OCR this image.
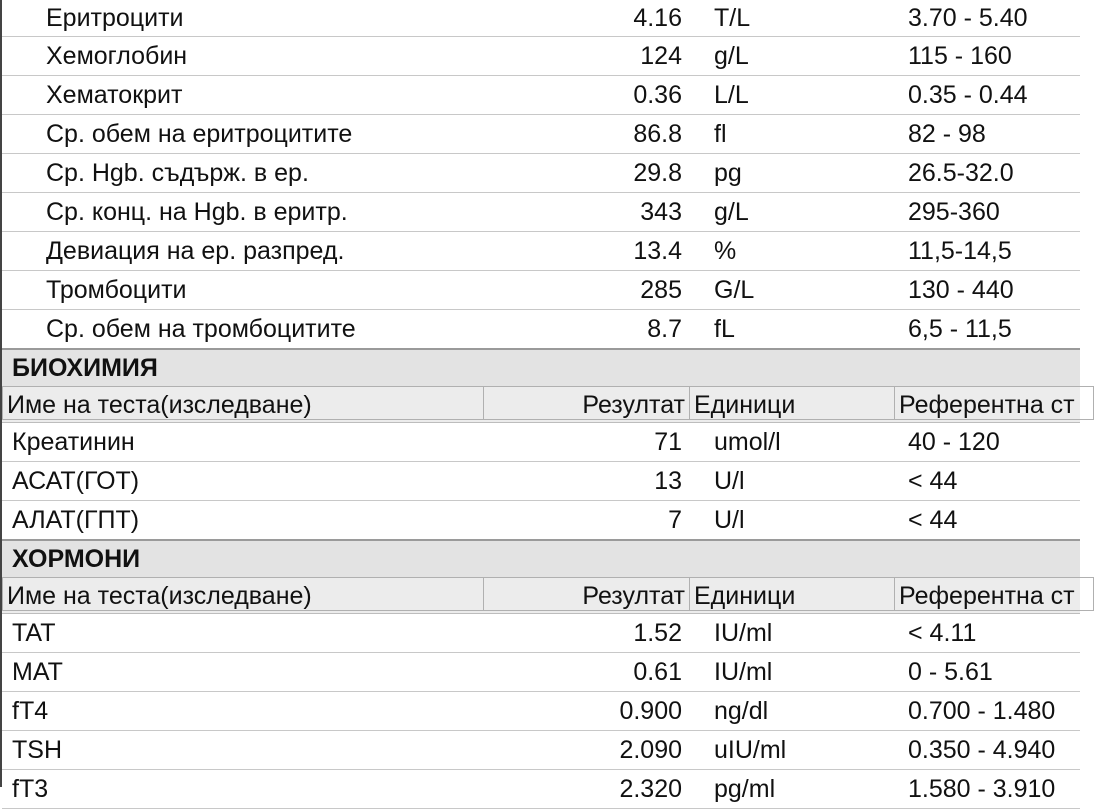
Еритроцити	4.16 T/L	3.70 - 5.40
Хемоглобин	124 g/L	115 - 160
Хематокрит	0.36 L/L	0.35 - 0.44
Ср. обем на еритроцитите	86.8 fl	82 - 98
Ср. Hgb. съдърж. в ер.	29.8 pg	26.5-32.0
Ср. конц. на Hgb. в еритр.	343 g/L	295-360
Девиация на ер. разпред.	13.4 %	11,5-14,5
Тромбоцити	285 G/L	130 - 440
Ср. обем на тромбоцитите	8.7 fL	6,5 - 11,5
БИОХИМИЯ
Име на теста(изследване)	Резултат Единици	Референтна ст
Креатинин	71 umol/l	40 - 120
АСАТ(ГОТ)	13 U/l	< 44
АЛАТ(ГПТ)	7 U/l	< 44
ХОРМОНИ
Име на теста(изследване)	Резултат Единици	Референтна ст
TAT	1.52 IU/ml	< 4.11
MAT	0.61 IU/ml	0 - 5.61
fT4	0.900 ng/dl	0.700 - 1.480
TSH	2.090 uIU/ml	0.350 - 4.940
fT3	2.320 pg/ml	1.580 - 3.910
